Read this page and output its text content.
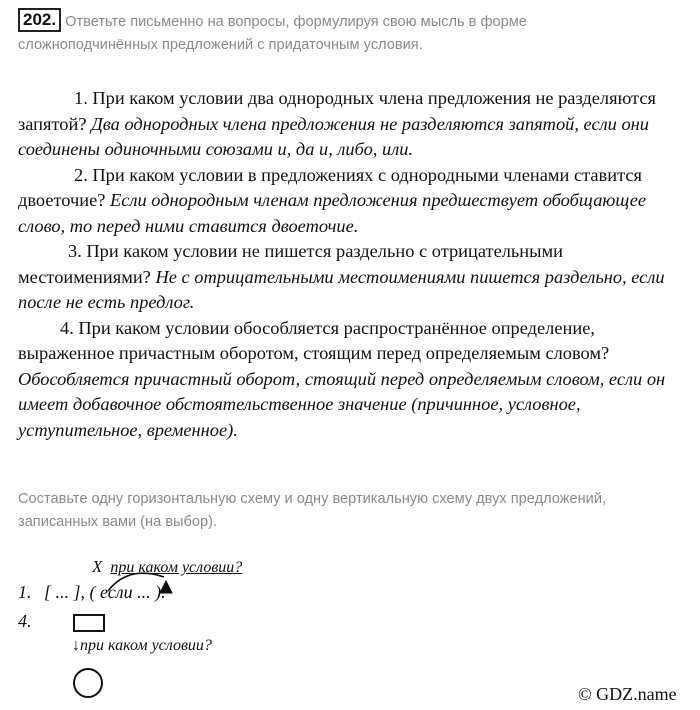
202. Ответьте письменно на вопросы, формулируя свою мысль в форме
сложноподчинённых предложений с придаточным условия.

1. При каком условии два однородных члена предложения не разделяются запятой? Два однородных члена предложения не разделяются запятой, если они соединены одиночными союзами и, да и, либо, или.

2. При каком условии в предложениях с однородными членами ставится двоеточие? Если однородным членам предложения предшествует обобщающее слово, то перед ними ставится двоеточие.

3. При каком условии не пишется раздельно с отрицательными местоимениями? Не с отрицательными местоимениями пишется раздельно, если после не есть предлог.

4. При каком условии обособляется распространённое определение, выраженное причастным оборотом, стоящим перед определяемым словом? Обособляется причастный оборот, стоящий перед определяемым словом, если он имеет добавочное обстоятельственное значение (причинное, условное, уступительное, временное).

Составьте одну горизонтальную схему и одну вертикальную схему двух предложений,
записанных вами (на выбор).
X при каком условии?
1. [ ... ], ( если ... ).
4.
↓при каком условии?
© GDZ.name
